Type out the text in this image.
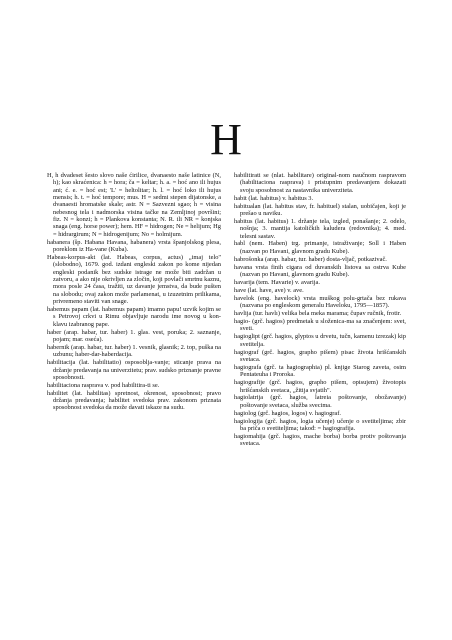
H

H, h dvadeset šesto slovo naše ćirilice, dvanaesto naše latinice (N, h); kao skraćenica: h = hora; ča = keltar; h. a. = hoć ano ili hujus ani; ć. e. = hoć est; 'L' = heltolitar; h. l. = hoć loko ili hujus mensis; h. t. = hoć tempore; mus. H = sedmi stepen dijatonske, a dvanaesti hromatske skale; astr. N = Sazvezni sgao; h = visina nebesnog tela i nadmorska visina tačke na Zemljinoj površini; fiz. N = konzi; h = Plankova konstanta; N. R. ili NR = konjska snaga (eng. horse power); hem. HF = hidrogen; Ne = helijum; Hg = hidrargirum; N = hidrogenijum; No = holmijum.

habanera (šp. Habana Havana, habanera) vrsta španjolskog plesa, poreklom iz Ha-vane (Kuba).

Habeas-korpus-akt (lat. Habeas, corpus, actus) „imaj telo" (slobodno), 1679. god. izdani engleski zakon po kome nijedan engleski podanik bez sudske istrage ne može biti zadržan u zatvoru, a ako nije okrivljen za zločin, koji povlači smrtnu kaznu, mora posle 24 časa, tražiti, uz davanje jemstva, da bude pušten na slobodu; ovaj zakon može parlamenat, u izuzetnim prilikama, privremeno staviti van snage.

habemus papam (lat. habemus papam) imamo papu! uzvik kojim se s Petrovoj crkvi u Rimu objavljuje narodu ime novog u kon-klavu izabranog pape.

haber (arap. habar, tur. haber) 1. glas. vest, poruka; 2. saznanje, pojam; mar. oseća).

habernik (arap. habar, tur. haber) 1. vesnik, glasnik; 2. top, puška na uzbunu; haber-dar-haberdacija.

habilitacija (lat. habilitatio) osposoblja-vanje; sticanje prava na držanje predavanja na univerzitetu; prav. sudsko priznanje pravne sposobnosti.

habilitaciona rasprava v. pod habilitira-ti se.

habilitet (lat. habilitas) spretnost, okrenost, sposobnost; pravo držanja predavanja; habilitet svedoka prav. zakonom priznata sposobnost svedoka da može davati iskaze na sudu.

habilitirati se (nlat. habilitare) original-nom naučnom raspravom (habilitaciona rasprava) i pristupnim predavanjem dokazati svoju sposobnost za nastavnika univerziteta.

habit (lat. habitus) v. habitus 3.

habitualan (lat. habitus stav, fr. habituel) stalan, uobičajen, koji je prešao u naviku.

habitus (lat. habitus) 1. držanje tela, izgled, ponašanje; 2. odelo, nošnja; 3. mantija katoličkih kaludera (redovnika); 4. med. telesni sastav.

habl (nem. Haben) trg. primanje, istraživanje; Soll i Haben (nazvan po Havani, glavnom gradu Kube).

habrošonka (arap. habar, tur. haber) dosta-vljač, potkazivač.

havana vrsta finih cigara od duvanskih listova sa ostrva Kube (nazvan po Havani, glavnom gradu Kube).

havarija (tem. Havarie) v. avarija.

have (lat. have, ave) v. ave.

havelok (eng. havelock) vrsta muškog polu-grtača bez rukava (nazvana po engleskom generalu Haveloku, 1795—1857).

havlija (tur. havlı) velika bela meka marama; čupav ručnik, frotir.

hagio- (grč. hagios) predmetak u složenica-ma sa značenjem: svet, sveti.

hagioglipt (grč. hagios, glyptos u drvetu, tučn, kamenu izrezak) kip svetitelja.

hagiograf (grč. hagios, grapho pišem) pisac života hrišćanskih svetaca.

hagiografa (grč. ta hagiographia) pl. knjige Starog zaveta, osim Pentateuha i Proroka.

hagiografije (grč. hagios, grapho pišem, opisujem) životopis hrišćanskih svetaca, „žitija svjatih".

hagiolatrija (grč. hagios, latreia poštovanje, obožavanje) poštovanje svetaca, služba svecima.

hagiolog (grč. hagios, logos) v. hagiograf.

hagiologija (grč. hagios, logia učenje) učenje o svetiteljima; zbir ba priča o svetiteljima; takođ: = hagiografija.

hagiomahija (grč. hagios, mache borba) borba protiv poštovanja svetaca.
